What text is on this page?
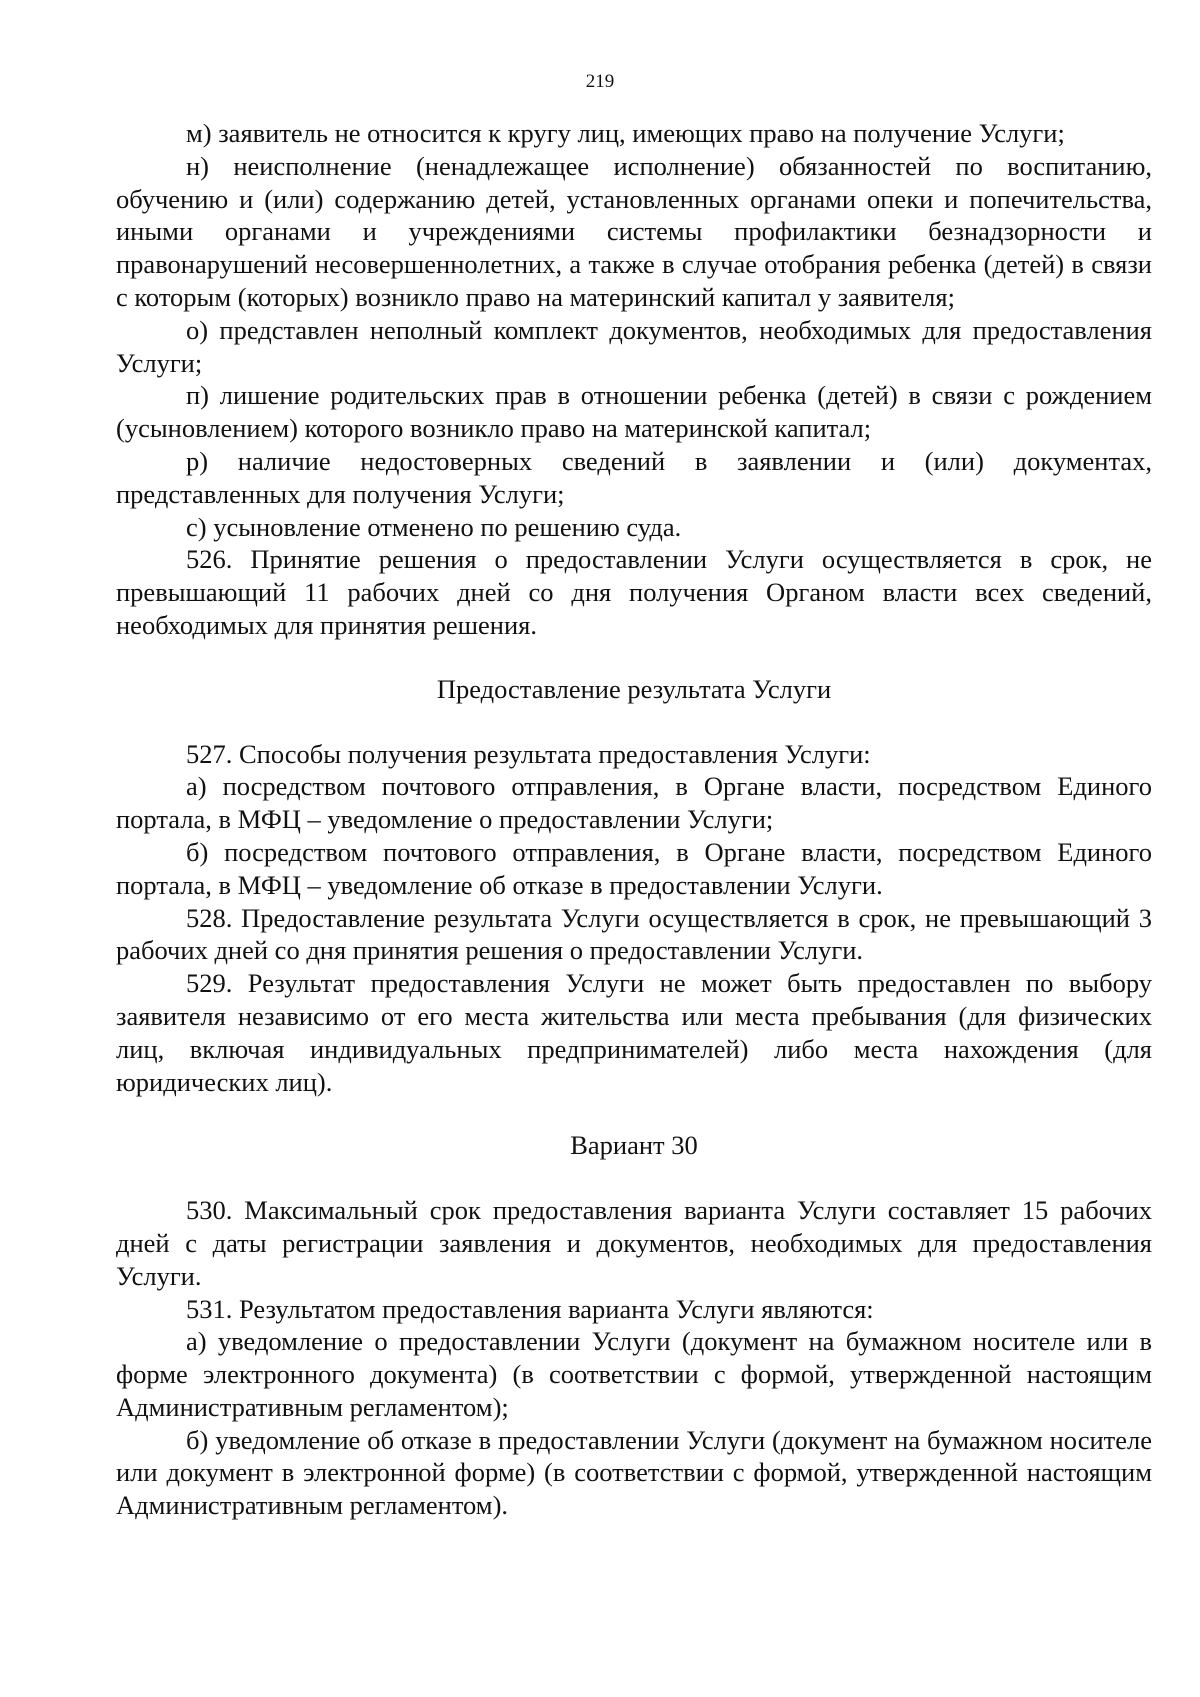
219

м) заявитель не относится к кругу лиц, имеющих право на получение Услуги;

н) неисполнение (ненадлежащее исполнение) обязанностей по воспитанию, обучению и (или) содержанию детей, установленных органами опеки и попечительства, иными органами и учреждениями системы профилактики безнадзорности и правонарушений несовершеннолетних, а также в случае отобрания ребенка (детей) в связи с которым (которых) возникло право на материнский капитал у заявителя;

о) представлен неполный комплект документов, необходимых для предоставления Услуги;

п) лишение родительских прав в отношении ребенка (детей) в связи с рождением (усыновлением) которого возникло право на материнской капитал;

р) наличие недостоверных сведений в заявлении и (или) документах, представленных для получения Услуги;

с) усыновление отменено по решению суда.

526. Принятие решения о предоставлении Услуги осуществляется в срок, не превышающий 11 рабочих дней со дня получения Органом власти всех сведений, необходимых для принятия решения.

Предоставление результата Услуги

527. Способы получения результата предоставления Услуги:

а) посредством почтового отправления, в Органе власти, посредством Единого портала, в МФЦ – уведомление о предоставлении Услуги;

б) посредством почтового отправления, в Органе власти, посредством Единого портала, в МФЦ – уведомление об отказе в предоставлении Услуги.

528. Предоставление результата Услуги осуществляется в срок, не превышающий 3 рабочих дней со дня принятия решения о предоставлении Услуги.

529. Результат предоставления Услуги не может быть предоставлен по выбору заявителя независимо от его места жительства или места пребывания (для физических лиц, включая индивидуальных предпринимателей) либо места нахождения (для юридических лиц).

Вариант 30

530. Максимальный срок предоставления варианта Услуги составляет 15 рабочих дней с даты регистрации заявления и документов, необходимых для предоставления Услуги.

531. Результатом предоставления варианта Услуги являются:

а) уведомление о предоставлении Услуги (документ на бумажном носителе или в форме электронного документа) (в соответствии с формой, утвержденной настоящим Административным регламентом);

б) уведомление об отказе в предоставлении Услуги (документ на бумажном носителе или документ в электронной форме) (в соответствии с формой, утвержденной настоящим Административным регламентом).
